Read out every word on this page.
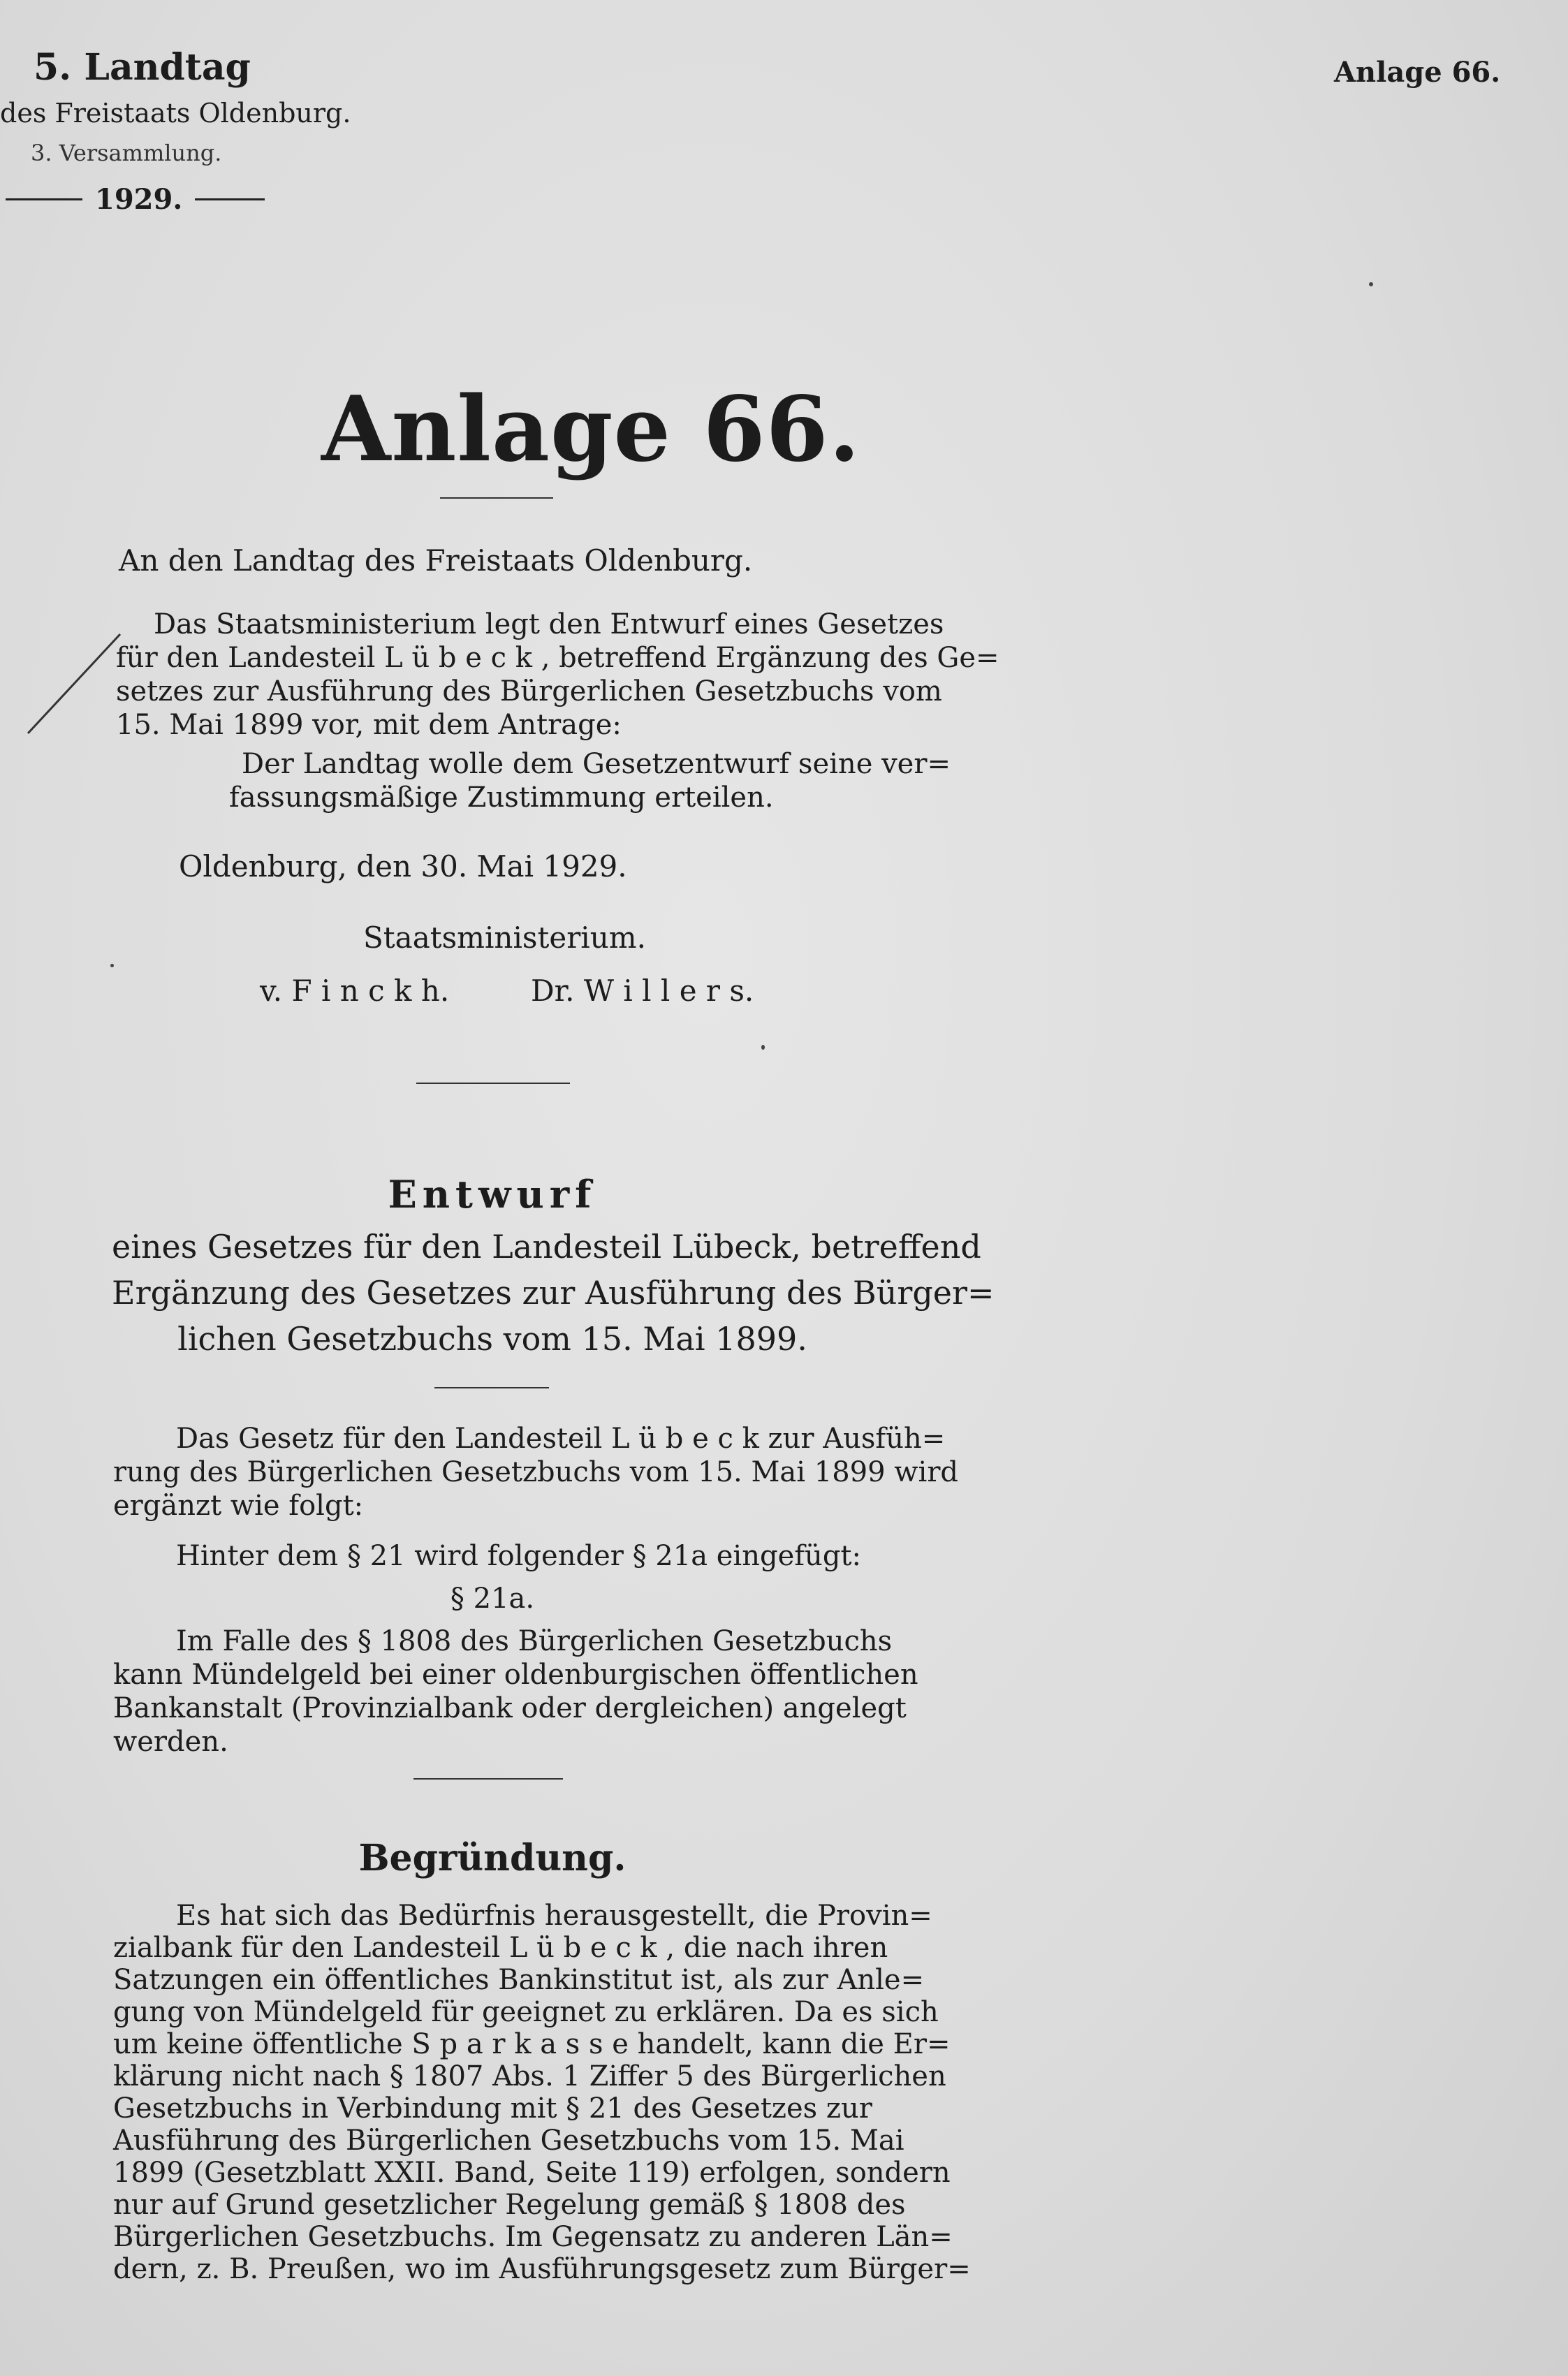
5. Landtag
des Freistaats Oldenburg.
3. Versammlung.
1929.
Anlage 66.
Anlage 66.
An den Landtag des Freistaats Oldenburg.
Das Staatsministerium legt den Entwurf eines Gesetzes
für den Landesteil L ü b e c k , betreffend Ergänzung des Ge=
setzes zur Ausführung des Bürgerlichen Gesetzbuchs vom
15. Mai 1899 vor, mit dem Antrage:
Der Landtag wolle dem Gesetzentwurf seine ver=
fassungsmäßige Zustimmung erteilen.
Oldenburg, den 30. Mai 1929.
Staatsministerium.
v. F i n c k h.	Dr. W i l l e r s.
Entwurf
eines Gesetzes für den Landesteil Lübeck, betreffend
Ergänzung des Gesetzes zur Ausführung des Bürger=
lichen Gesetzbuchs vom 15. Mai 1899.
Das Gesetz für den Landesteil L ü b e c k zur Ausfüh=
rung des Bürgerlichen Gesetzbuchs vom 15. Mai 1899 wird
ergänzt wie folgt:
Hinter dem § 21 wird folgender § 21a eingefügt:
§ 21a.
Im Falle des § 1808 des Bürgerlichen Gesetzbuchs
kann Mündelgeld bei einer oldenburgischen öffentlichen
Bankanstalt (Provinzialbank oder dergleichen) angelegt
werden.
Begründung.
Es hat sich das Bedürfnis herausgestellt, die Provin=
zialbank für den Landesteil L ü b e c k , die nach ihren
Satzungen ein öffentliches Bankinstitut ist, als zur Anle=
gung von Mündelgeld für geeignet zu erklären. Da es sich
um keine öffentliche S p a r k a s s e handelt, kann die Er=
klärung nicht nach § 1807 Abs. 1 Ziffer 5 des Bürgerlichen
Gesetzbuchs in Verbindung mit § 21 des Gesetzes zur
Ausführung des Bürgerlichen Gesetzbuchs vom 15. Mai
1899 (Gesetzblatt XXII. Band, Seite 119) erfolgen, sondern
nur auf Grund gesetzlicher Regelung gemäß § 1808 des
Bürgerlichen Gesetzbuchs. Im Gegensatz zu anderen Län=
dern, z. B. Preußen, wo im Ausführungsgesetz zum Bürger=
